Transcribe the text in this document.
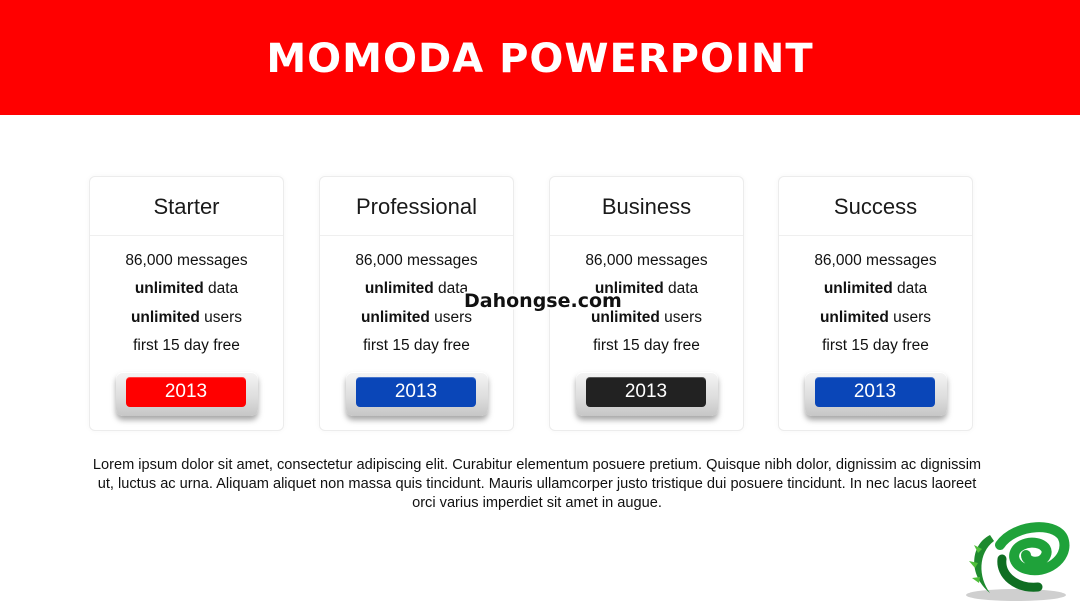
MOMODA POWERPOINT
Starter
86,000 messages
unlimited data
unlimited users
first 15 day free
2013
Professional
86,000 messages
unlimited data
unlimited users
first 15 day free
2013
Business
86,000 messages
unlimited data
unlimited users
first 15 day free
2013
Success
86,000 messages
unlimited data
unlimited users
first 15 day free
2013
Lorem ipsum dolor sit amet, consectetur adipiscing elit. Curabitur elementum posuere pretium. Quisque nibh dolor, dignissim ac dignissim ut, luctus ac urna. Aliquam aliquet non massa quis tincidunt. Mauris ullamcorper justo tristique dui posuere tincidunt. In nec lacus laoreet orci varius imperdiet sit amet in augue.
Dahongse.com
